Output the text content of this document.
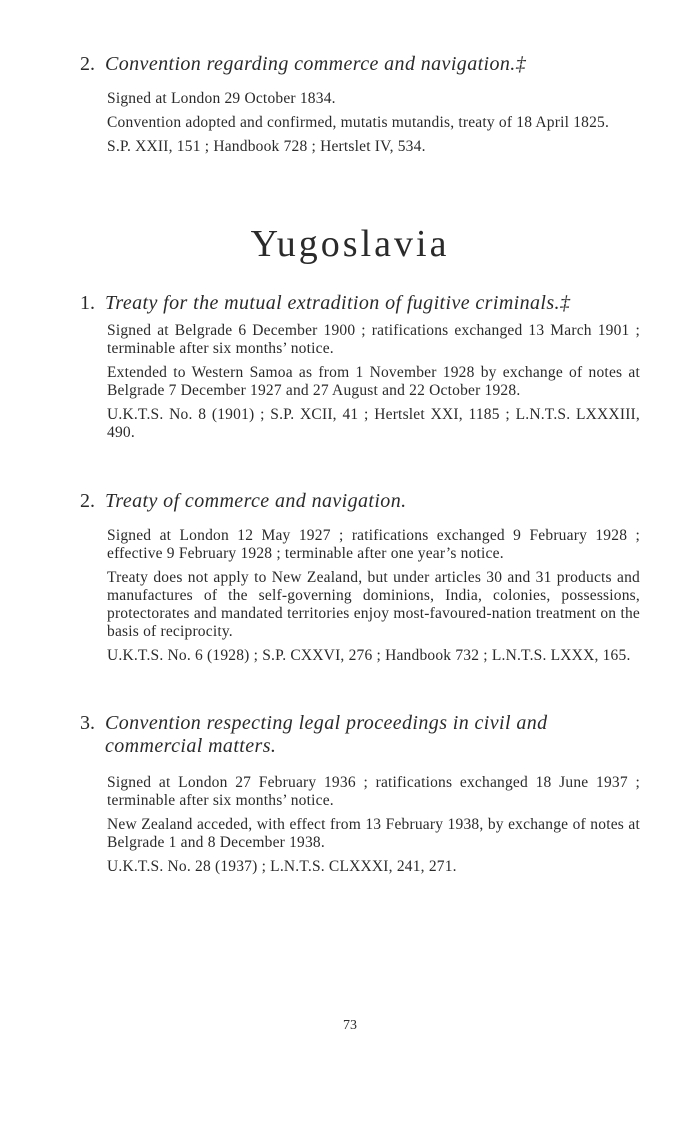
2. Convention regarding commerce and navigation.‡

Signed at London 29 October 1834.

Convention adopted and confirmed, mutatis mutandis, treaty of 18 April 1825.

S.P. XXII, 151 ; Handbook 728 ; Hertslet IV, 534.

Yugoslavia
1. Treaty for the mutual extradition of fugitive criminals.‡

Signed at Belgrade 6 December 1900 ; ratifications exchanged 13 March 1901 ; terminable after six months’ notice.

Extended to Western Samoa as from 1 November 1928 by exchange of notes at Belgrade 7 December 1927 and 27 August and 22 October 1928.

U.K.T.S. No. 8 (1901) ; S.P. XCII, 41 ; Hertslet XXI, 1185 ; L.N.T.S. LXXXIII, 490.

2. Treaty of commerce and navigation.

Signed at London 12 May 1927 ; ratifications exchanged 9 February 1928 ; effective 9 February 1928 ; terminable after one year’s notice.

Treaty does not apply to New Zealand, but under articles 30 and 31 products and manufactures of the self-governing dominions, India, colonies, possessions, protectorates and mandated territories enjoy most-favoured-nation treatment on the basis of reciprocity.

U.K.T.S. No. 6 (1928) ; S.P. CXXVI, 276 ; Handbook 732 ; L.N.T.S. LXXX, 165.

3. Convention respecting legal proceedings in civil and commercial matters.

Signed at London 27 February 1936 ; ratifications exchanged 18 June 1937 ; terminable after six months’ notice.

New Zealand acceded, with effect from 13 February 1938, by exchange of notes at Belgrade 1 and 8 December 1938.

U.K.T.S. No. 28 (1937) ; L.N.T.S. CLXXXI, 241, 271.

73
